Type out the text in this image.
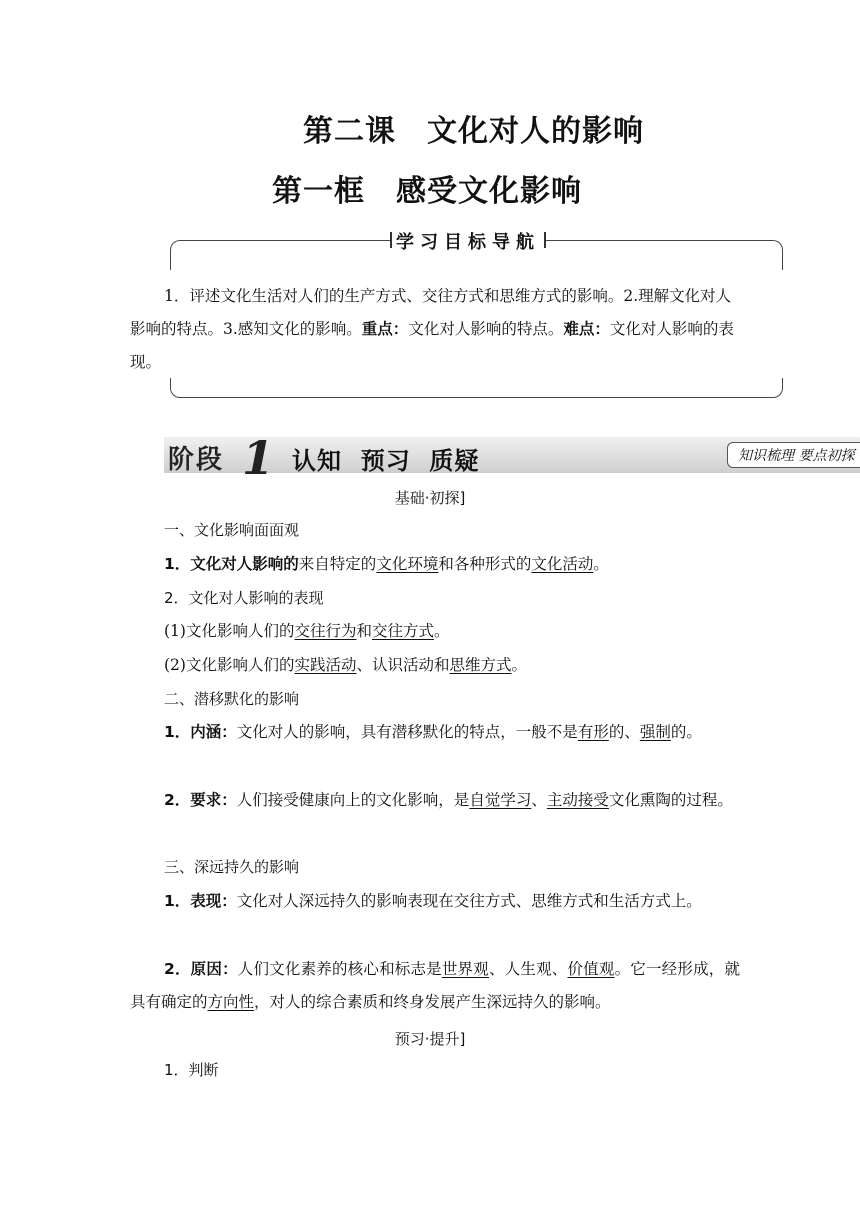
第二课　文化对人的影响
第一框　感受文化影响
学习目标导航
1．评述文化生活对人们的生产方式、交往方式和思维方式的影响。2.理解文化对人影响的特点。3.感知文化的影响。重点：文化对人影响的特点。难点：文化对人影响的表现。
阶段 1 认知  预习  质疑	知识梳理 要点初探
基础·初探]
一、文化影响面面观
1．文化对人影响的来自特定的文化环境和各种形式的文化活动。
2．文化对人影响的表现
(1)文化影响人们的交往行为和交往方式。
(2)文化影响人们的实践活动、认识活动和思维方式。
二、潜移默化的影响
1．内涵：文化对人的影响，具有潜移默化的特点，一般不是有形的、强制的。
2．要求：人们接受健康向上的文化影响，是自觉学习、主动接受文化熏陶的过程。
三、深远持久的影响
1．表现：文化对人深远持久的影响表现在交往方式、思维方式和生活方式上。
2．原因：人们文化素养的核心和标志是世界观、人生观、价值观。它一经形成，就具有确定的方向性，对人的综合素质和终身发展产生深远持久的影响。
预习·提升]
1．判断
